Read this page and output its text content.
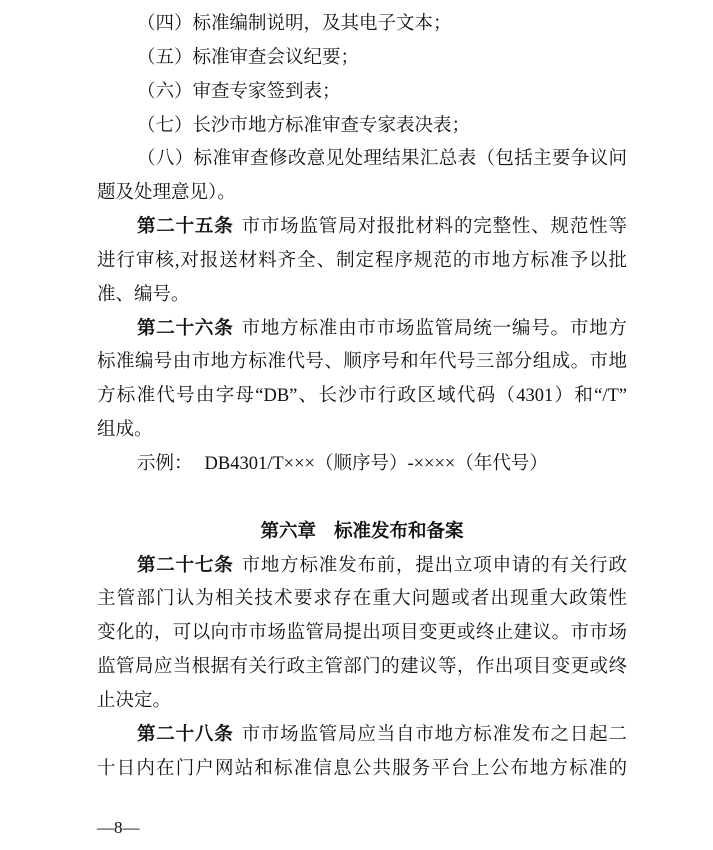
（四）标准编制说明，及其电子文本；
（五）标准审查会议纪要；
（六）审查专家签到表；
（七）长沙市地方标准审查专家表决表；
（八）标准审查修改意见处理结果汇总表（包括主要争议问
题及处理意见）。
第二十五条 市市场监管局对报批材料的完整性、规范性等
进行审核,对报送材料齐全、制定程序规范的市地方标准予以批
准、编号。
第二十六条 市地方标准由市市场监管局统一编号。市地方
标准编号由市地方标准代号、顺序号和年代号三部分组成。市地
方标准代号由字母“DB”、长沙市行政区域代码（4301）和“/T”
组成。
示例： DB4301/T×××（顺序号）-××××（年代号）
第六章 标准发布和备案
第二十七条 市地方标准发布前，提出立项申请的有关行政
主管部门认为相关技术要求存在重大问题或者出现重大政策性
变化的，可以向市市场监管局提出项目变更或终止建议。市市场
监管局应当根据有关行政主管部门的建议等，作出项目变更或终
止决定。
第二十八条 市市场监管局应当自市地方标准发布之日起二
十日内在门户网站和标准信息公共服务平台上公布地方标准的
—8—
